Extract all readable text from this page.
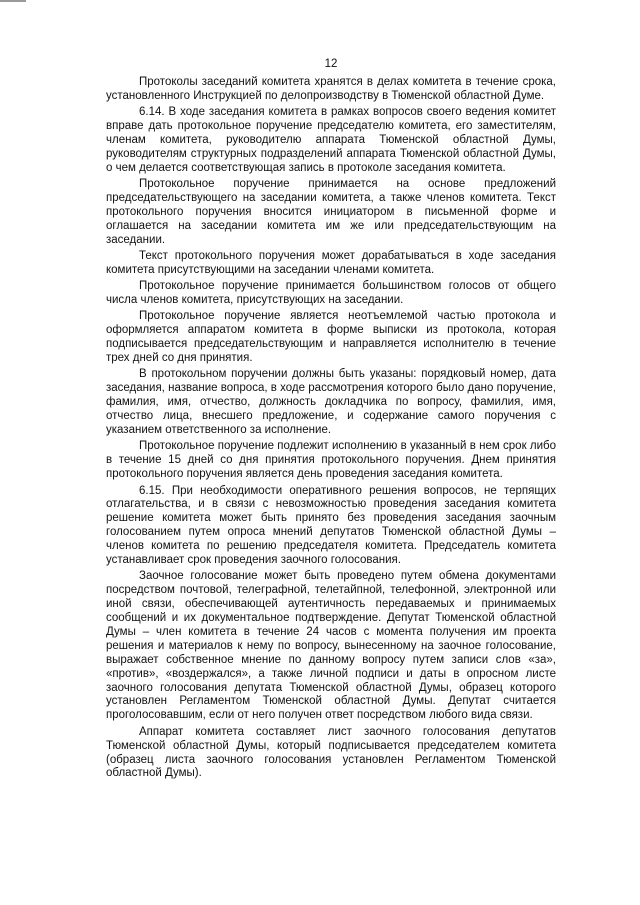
12

Протоколы заседаний комитета хранятся в делах комитета в течение срока, установленного Инструкцией по делопроизводству в Тюменской областной Думе.

6.14. В ходе заседания комитета в рамках вопросов своего ведения комитет вправе дать протокольное поручение председателю комитета, его заместителям, членам комитета, руководителю аппарата Тюменской областной Думы, руководителям структурных подразделений аппарата Тюменской областной Думы, о чем делается соответствующая запись в протоколе заседания комитета.

Протокольное поручение принимается на основе предложений председательствующего на заседании комитета, а также членов комитета. Текст протокольного поручения вносится инициатором в письменной форме и оглашается на заседании комитета им же или председательствующим на заседании.

Текст протокольного поручения может дорабатываться в ходе заседания комитета присутствующими на заседании членами комитета.

Протокольное поручение принимается большинством голосов от общего числа членов комитета, присутствующих на заседании.

Протокольное поручение является неотъемлемой частью протокола и оформляется аппаратом комитета в форме выписки из протокола, которая подписывается председательствующим и направляется исполнителю в течение трех дней со дня принятия.

В протокольном поручении должны быть указаны: порядковый номер, дата заседания, название вопроса, в ходе рассмотрения которого было дано поручение, фамилия, имя, отчество, должность докладчика по вопросу, фамилия, имя, отчество лица, внесшего предложение, и содержание самого поручения с указанием ответственного за исполнение.

Протокольное поручение подлежит исполнению в указанный в нем срок либо в течение 15 дней со дня принятия протокольного поручения. Днем принятия протокольного поручения является день проведения заседания комитета.

6.15. При необходимости оперативного решения вопросов, не терпящих отлагательства, и в связи с невозможностью проведения заседания комитета решение комитета может быть принято без проведения заседания заочным голосованием путем опроса мнений депутатов Тюменской областной Думы – членов комитета по решению председателя комитета. Председатель комитета устанавливает срок проведения заочного голосования.

Заочное голосование может быть проведено путем обмена документами посредством почтовой, телеграфной, телетайпной, телефонной, электронной или иной связи, обеспечивающей аутентичность передаваемых и принимаемых сообщений и их документальное подтверждение. Депутат Тюменской областной Думы – член комитета в течение 24 часов с момента получения им проекта решения и материалов к нему по вопросу, вынесенному на заочное голосование, выражает собственное мнение по данному вопросу путем записи слов «за», «против», «воздержался», а также личной подписи и даты в опросном листе заочного голосования депутата Тюменской областной Думы, образец которого установлен Регламентом Тюменской областной Думы. Депутат считается проголосовавшим, если от него получен ответ посредством любого вида связи.

Аппарат комитета составляет лист заочного голосования депутатов Тюменской областной Думы, который подписывается председателем комитета (образец листа заочного голосования установлен Регламентом Тюменской областной Думы).
